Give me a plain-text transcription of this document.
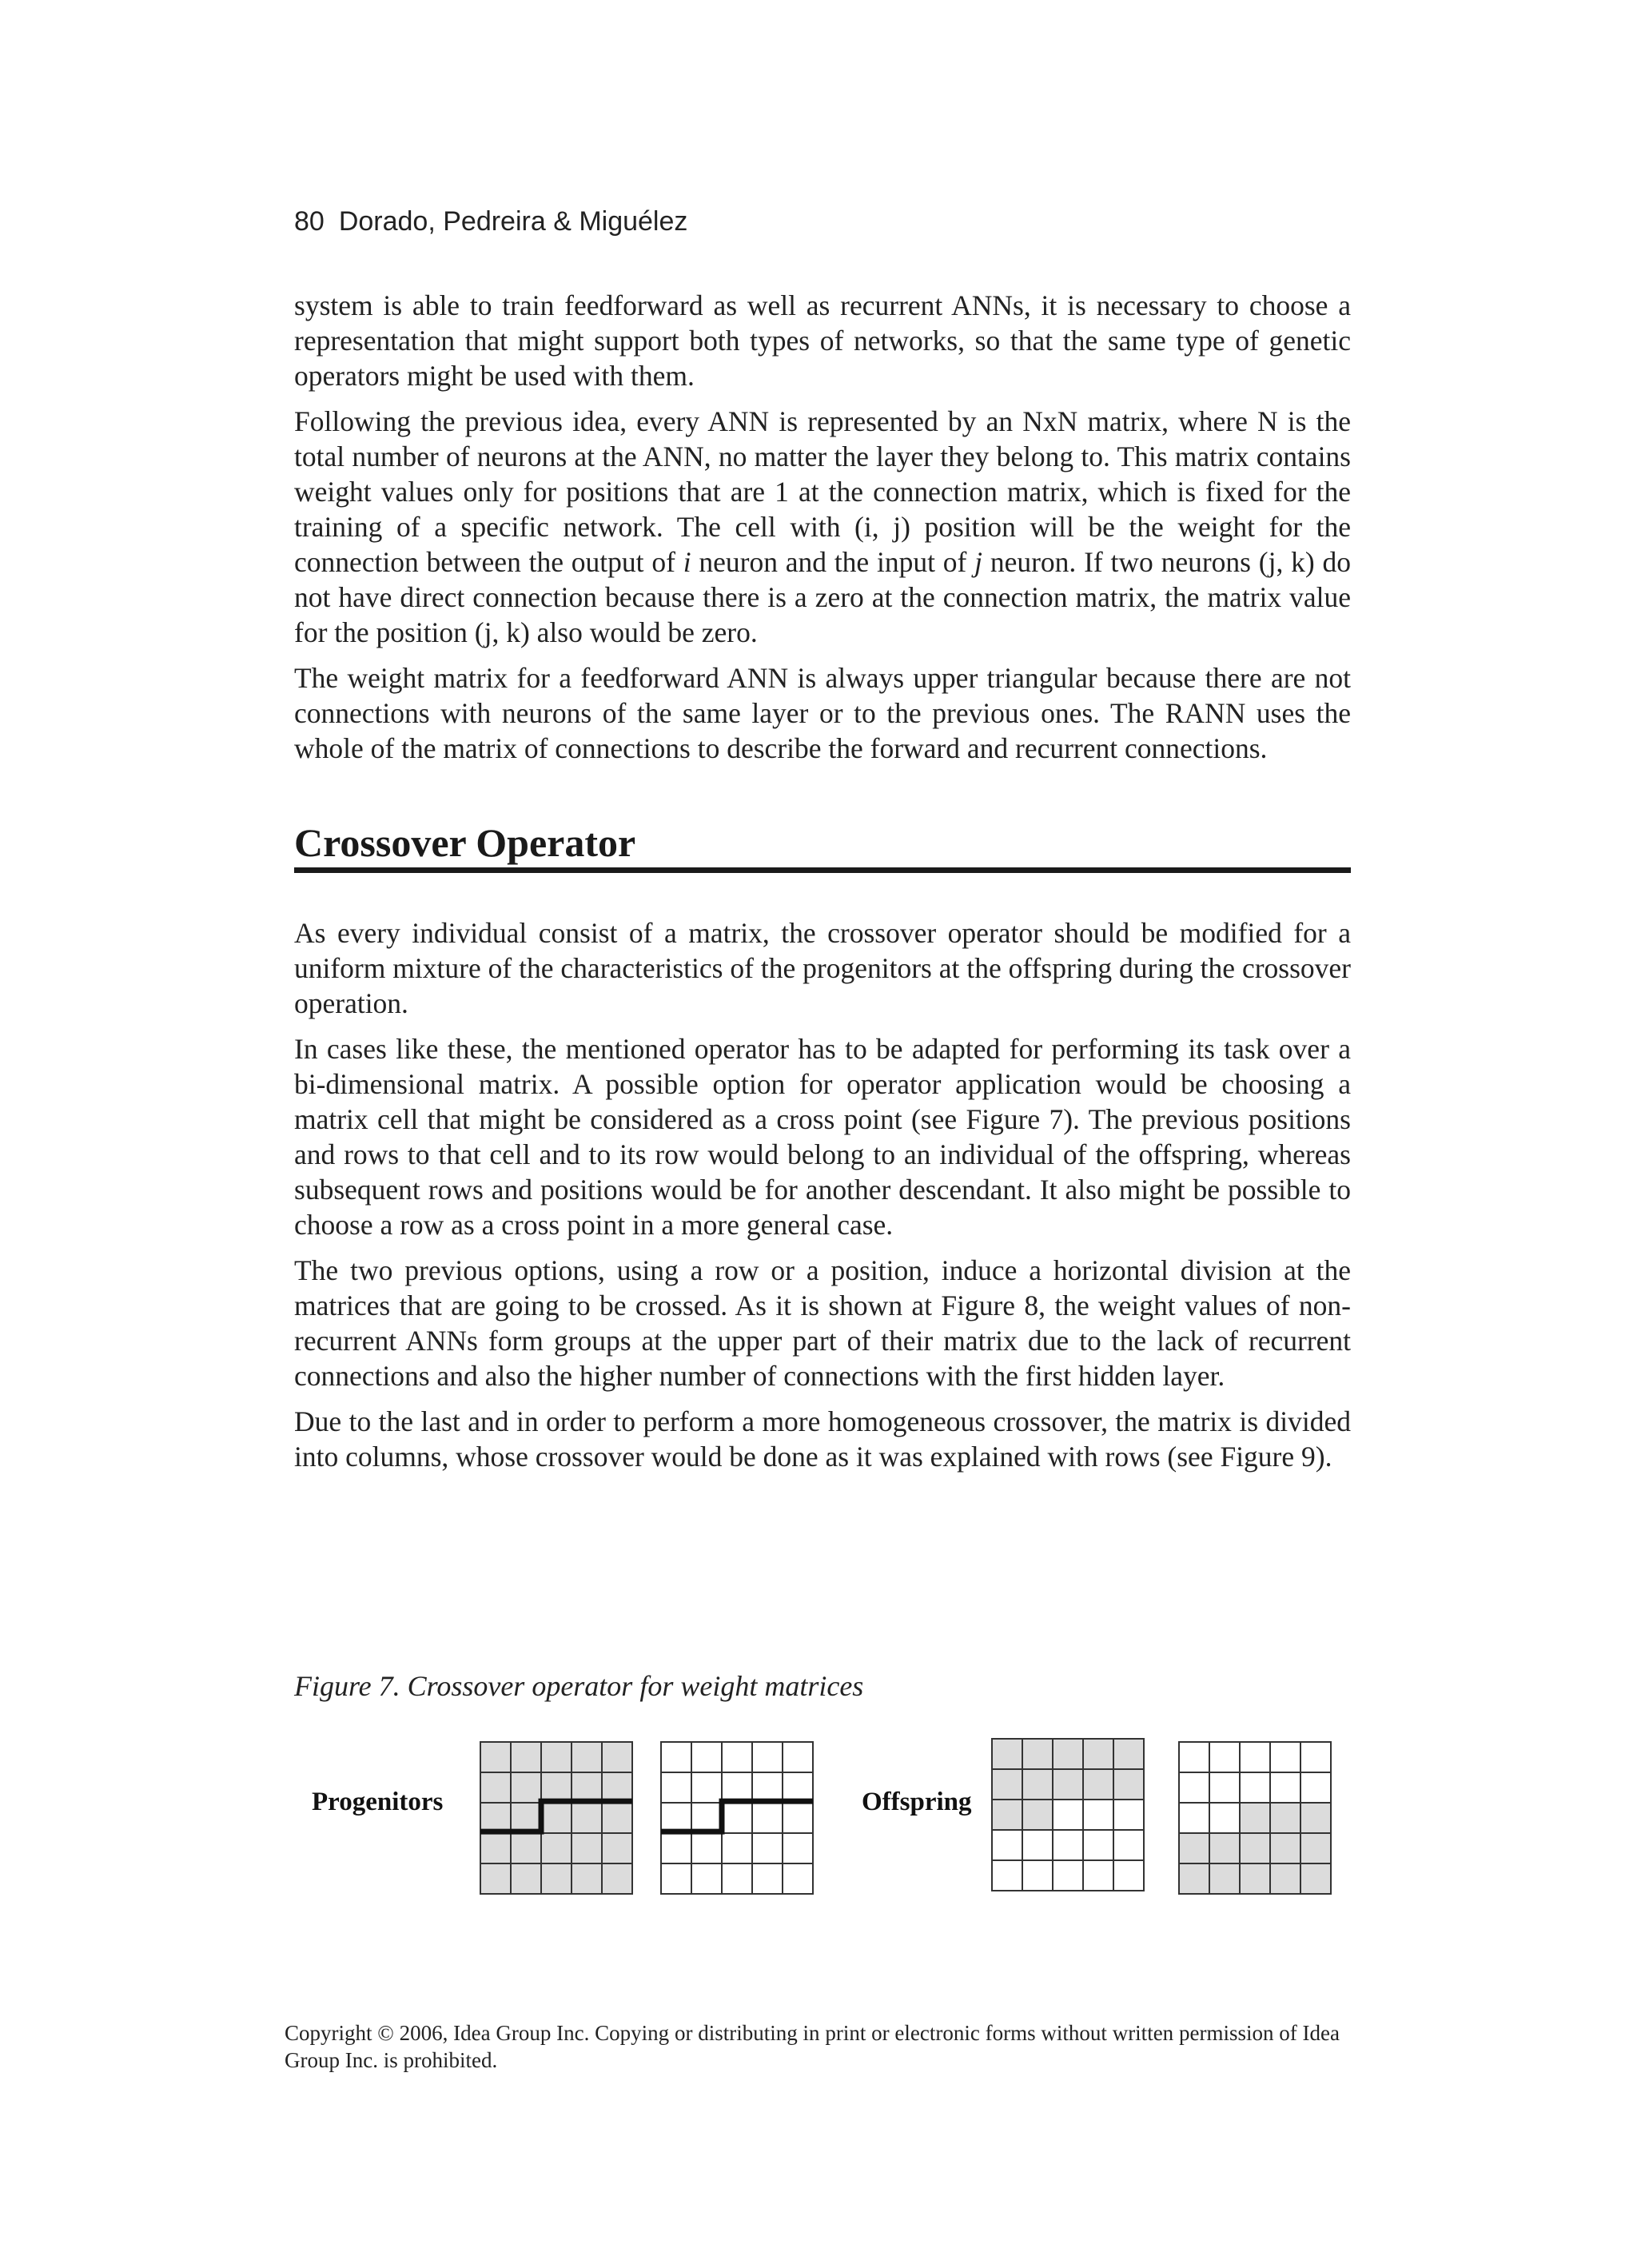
80 Dorado, Pedreira & Miguélez

system is able to train feedforward as well as recurrent ANNs, it is necessary to choose a representation that might support both types of networks, so that the same type of genetic operators might be used with them.

Following the previous idea, every ANN is represented by an NxN matrix, where N is the total number of neurons at the ANN, no matter the layer they belong to. This matrix contains weight values only for positions that are 1 at the connection matrix, which is fixed for the training of a specific network. The cell with (i, j) position will be the weight for the connection between the output of i neuron and the input of j neuron. If two neurons (j, k) do not have direct connection because there is a zero at the connection matrix, the matrix value for the position (j, k) also would be zero.

The weight matrix for a feedforward ANN is always upper triangular because there are not connections with neurons of the same layer or to the previous ones. The RANN uses the whole of the matrix of connections to describe the forward and recurrent connections.

Crossover Operator

As every individual consist of a matrix, the crossover operator should be modified for a uniform mixture of the characteristics of the progenitors at the offspring during the crossover operation.

In cases like these, the mentioned operator has to be adapted for performing its task over a bi-dimensional matrix. A possible option for operator application would be choosing a matrix cell that might be considered as a cross point (see Figure 7). The previous positions and rows to that cell and to its row would belong to an individual of the offspring, whereas subsequent rows and positions would be for another descendant. It also might be possible to choose a row as a cross point in a more general case.

The two previous options, using a row or a position, induce a horizontal division at the matrices that are going to be crossed. As it is shown at Figure 8, the weight values of non-recurrent ANNs form groups at the upper part of their matrix due to the lack of recurrent connections and also the higher number of connections with the first hidden layer.

Due to the last and in order to perform a more homogeneous crossover, the matrix is divided into columns, whose crossover would be done as it was explained with rows (see Figure 9).

Figure 7. Crossover operator for weight matrices
Progenitors	Offspring
Copyright © 2006, Idea Group Inc. Copying or distributing in print or electronic forms without written permission of Idea Group Inc. is prohibited.
